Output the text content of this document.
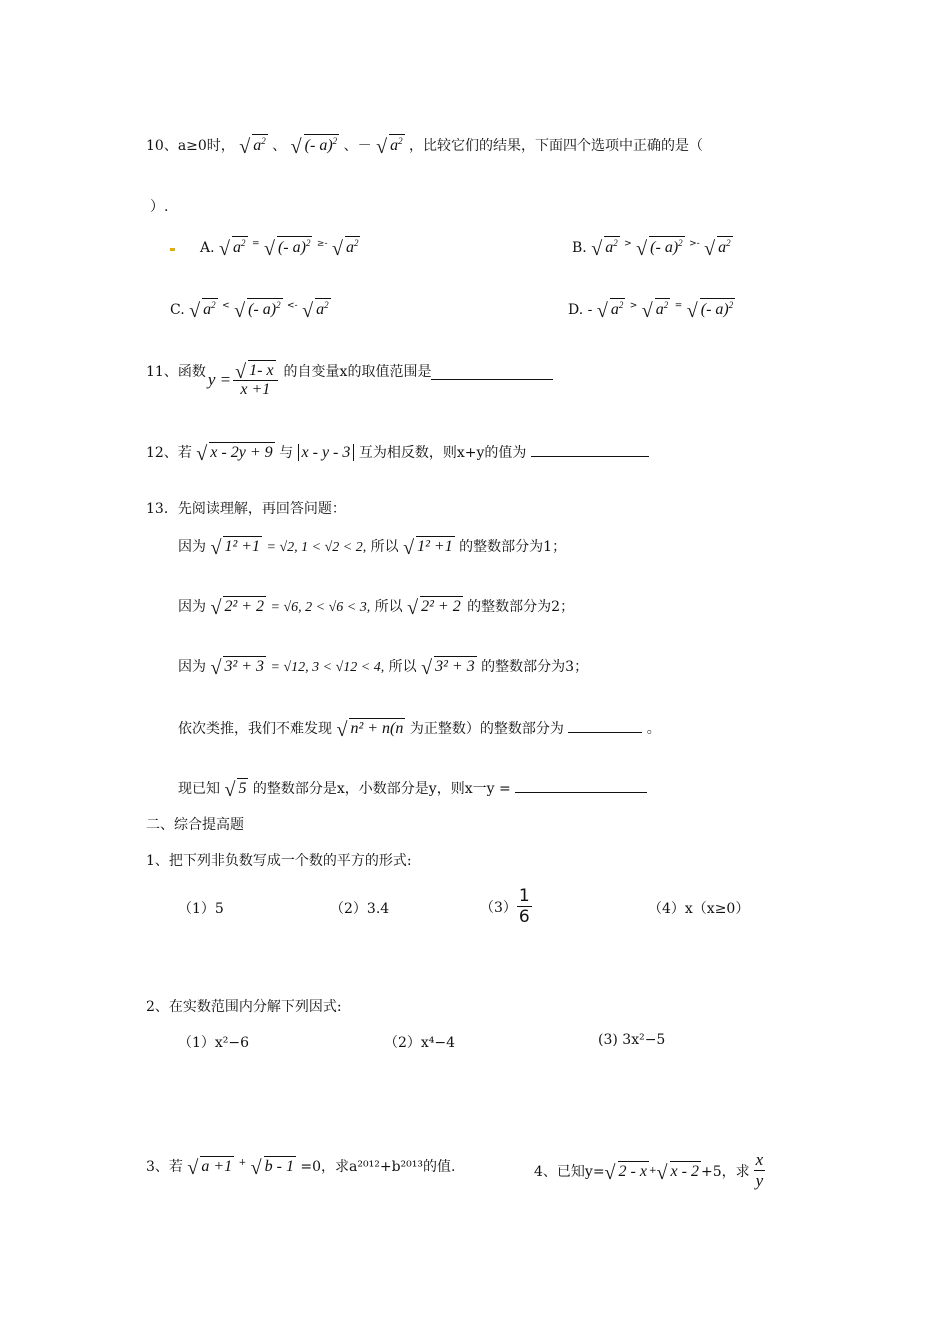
10、a≥0时， √ $a^2$ 、 √ (- a)$^2$ 、－ √ $a^2$ ，比较它们的结果，下面四个选项中正确的是（
）.
A. √ $a^2$ = √ (- a)$^2$ ≥- √ $a^2$	B. √ $a^2$ > √ (- a)$^2$ >- √ $a^2$
C. √ $a^2$ < √ (- a)$^2$ <- √ $a^2$	D. - √ $a^2$ > √ $a^2$ = √ (- a)$^2$
11、函数 $y = \frac{√ 1- x}{x +1}$ 的自变量x的取值范围是
12、若 √ x - 2y + 9 与 x - y - 3 互为相反数，则x+y的值为
13．先阅读理解，再回答问题：
因为 √ 1² +1 = √2, 1 < √2 < 2, 所以 √ 1² +1 的整数部分为1；
因为 √ 2² + 2 = √6, 2 < √6 < 3, 所以 √ 2² + 2 的整数部分为2；
因为 √ 3² + 3 = √12, 3 < √12 < 4, 所以 √ 3² + 3 的整数部分为3；
依次类推，我们不难发现 √ n² + n(n 为正整数）的整数部分为	。
现已知 √ 5 的整数部分是x，小数部分是y，则x一y =
二、综合提高题
1、把下列非负数写成一个数的平方的形式:
（1）5	（2）3.4	$(3) \frac{1}{6}$	（4）x（x≥0）
2、在实数范围内分解下列因式:
（1）x²−6	（2）x⁴−4	(3) 3x²−5
3、若 √ a +1 + √ b - 1 =0，求a²⁰¹²+b²⁰¹³的值.	4、已知y= √ 2 - x + √ x - 2 +5，求 $\frac{x}{y}$
